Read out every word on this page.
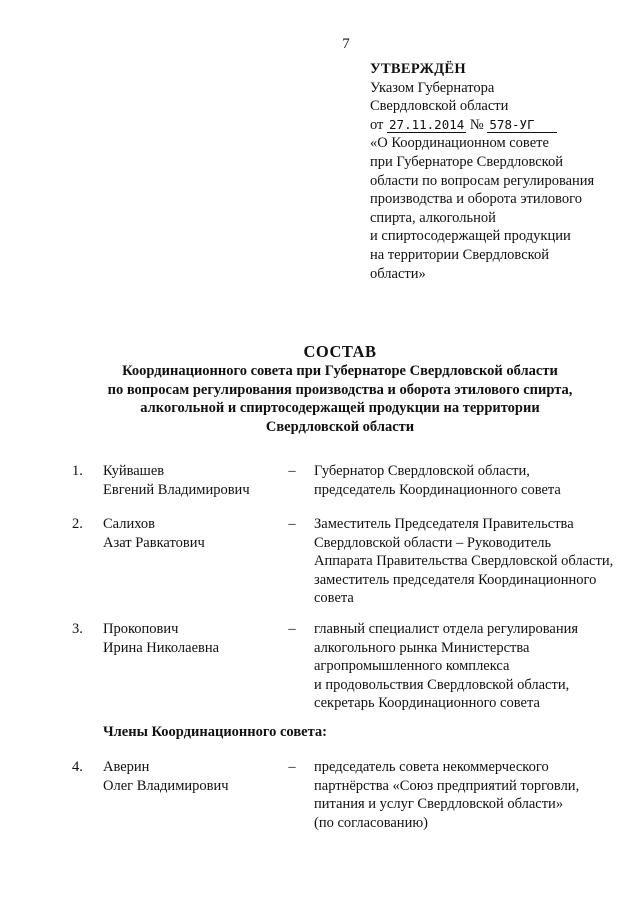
7
УТВЕРЖДЁН
Указом Губернатора
Свердловской области
от 27.11.2014 № 578-УГ
«О Координационном совете
при Губернаторе Свердловской
области по вопросам регулирования
производства и оборота этилового
спирта, алкогольной
и спиртосодержащей продукции
на территории Свердловской
области»
СОСТАВ
Координационного совета при Губернаторе Свердловской области
по вопросам регулирования производства и оборота этилового спирта,
алкогольной и спиртосодержащей продукции на территории
Свердловской области
1.	Куйвашев
Евгений Владимирович
– Губернатор Свердловской области,
председатель Координационного совета
2.	Салихов
Азат Равкатович
– Заместитель Председателя Правительства
Свердловской области – Руководитель
Аппарата Правительства Свердловской области,
заместитель председателя Координационного
совета
3.	Прокопович
Ирина Николаевна
– главный специалист отдела регулирования
алкогольного рынка Министерства
агропромышленного комплекса
и продовольствия Свердловской области,
секретарь Координационного совета
Члены Координационного совета:
4.	Аверин
Олег Владимирович
– председатель совета некоммерческого
партнёрства «Союз предприятий торговли,
питания и услуг Свердловской области»
(по согласованию)
